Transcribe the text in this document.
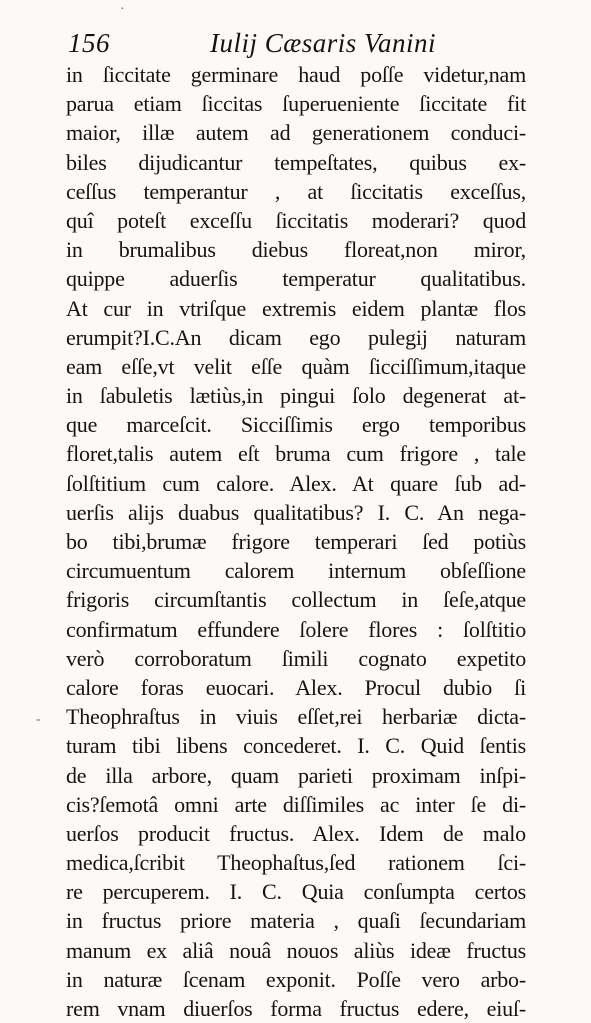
156	Iulij Cæsaris Vanini
in ſiccitate germinare haud poſſe videtur,nam
parua etiam ſiccitas ſuperueniente ſiccitate fit
maior, illæ autem ad generationem conduci-
biles dijudicantur tempeſtates, quibus ex-
ceſſus temperantur , at ſiccitatis exceſſus,
quî poteſt exceſſu ſiccitatis moderari? quod
in brumalibus diebus floreat,non miror,
quippe aduerſis temperatur qualitatibus.
At cur in vtriſque extremis eidem plantæ flos
erumpit?I.C.An dicam ego pulegij naturam
eam eſſe,vt velit eſſe quàm ſicciſſimum,itaque
in ſabuletis lætiùs,in pingui ſolo degenerat at-
que marceſcit. Sicciſſimis ergo temporibus
floret,talis autem eſt bruma cum frigore , tale
ſolſtitium cum calore. Alex. At quare ſub ad-
uerſis alijs duabus qualitatibus? I. C. An nega-
bo tibi,brumæ frigore temperari ſed potiùs
circumuentum calorem internum obſeſſione
frigoris circumſtantis collectum in ſeſe,atque
confirmatum effundere ſolere flores : ſolſtitio
verò corroboratum ſimili cognato expetito
calore foras euocari. Alex. Procul dubio ſi
Theophraſtus in viuis eſſet,rei herbariæ dicta-
turam tibi libens concederet. I. C. Quid ſentis
de illa arbore, quam parieti proximam inſpi-
cis?ſemotâ omni arte diſſimiles ac inter ſe di-
uerſos producit fructus. Alex. Idem de malo
medica,ſcribit Theophaſtus,ſed rationem ſci-
re percuperem. I. C. Quia conſumpta certos
in fructus priore materia , quaſi ſecundariam
manum ex aliâ nouâ nouos aliùs ideæ fructus
in naturæ ſcenam exponit. Poſſe vero arbo-
rem vnam diuerſos forma fructus edere, eiuſ-
·
-
